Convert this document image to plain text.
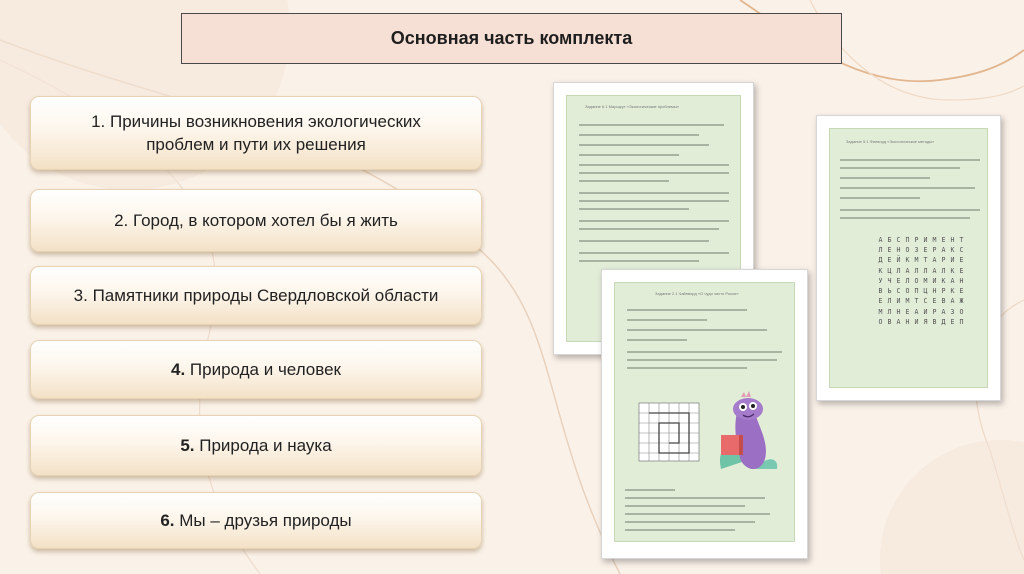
Основная часть комплекта
1. Причины возникновения экологических проблем и пути их решения
2. Город, в котором хотел бы я жить
3. Памятники природы Свердловской области
4. Природа и человек
5. Природа и наука
6. Мы – друзья природы
Задание 6.1 Маршрут «Экологические проблемы»
Задание 5.1 Филворд «Экологические методы»
А Б С П Р И М Е Н Т
Л Е Н О З Е Р А К С
Д Е Й К М Т А Р И Е
К Ц Л А Л Л А Л К Е
У Ч Е Л О М И К А Н
В Ь С О П Ц Н Р К Е
Е Л И М Т С Е В А Ж
М Л Н Е А И Р А З О
О В А Н И Я В Д Е П
Задание 2.1 Чайнворд «О чудо чисто Росси»
